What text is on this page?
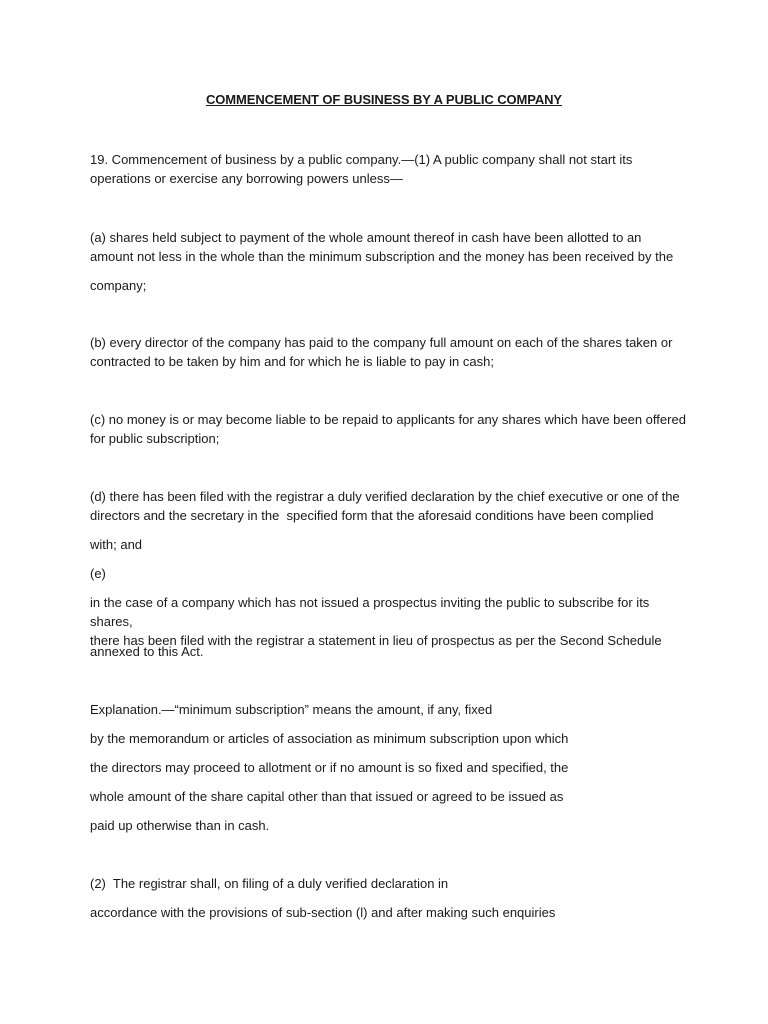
COMMENCEMENT OF BUSINESS BY A PUBLIC COMPANY

19. Commencement of business by a public company.—(1) A public company shall not start its
operations or exercise any borrowing powers unless—

(a) shares held subject to payment of the whole amount thereof in cash have been allotted to an
amount not less in the whole than the minimum subscription and the money has been received by the

company;

(b) every director of the company has paid to the company full amount on each of the shares taken or
contracted to be taken by him and for which he is liable to pay in cash;

(c) no money is or may become liable to be repaid to applicants for any shares which have been offered
for public subscription;

(d) there has been filed with the registrar a duly verified declaration by the chief executive or one of the
directors and the secretary in the  specified form that the aforesaid conditions have been complied

with; and

(e)

in the case of a company which has not issued a prospectus inviting the public to subscribe for its shares,
there has been filed with the registrar a statement in lieu of prospectus as per the Second Schedule

annexed to this Act.

Explanation.—“minimum subscription” means the amount, if any, fixed

by the memorandum or articles of association as minimum subscription upon which

the directors may proceed to allotment or if no amount is so fixed and specified, the

whole amount of the share capital other than that issued or agreed to be issued as

paid up otherwise than in cash.

(2)  The registrar shall, on filing of a duly verified declaration in

accordance with the provisions of sub-section (l) and after making such enquiries
